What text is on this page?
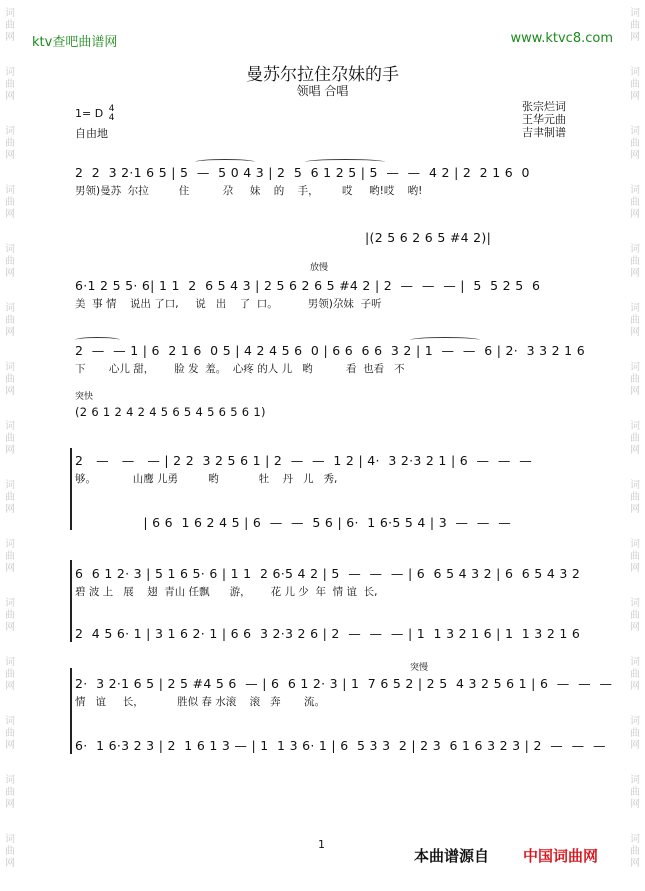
词
曲
网
词
曲
网
词
曲
网
词
曲
网
词
曲
网
词
曲
网
词
曲
网
词
曲
网
词
曲
网
词
曲
网
词
曲
网
词
曲
网
词
曲
网
词
曲
网
词
曲
网
词
曲
网
词
曲
网
词
曲
网
词
曲
网
词
曲
网
词
曲
网
词
曲
网
词
曲
网
词
曲
网
词
曲
网
词
曲
网
词
曲
网
词
曲
网
词
曲
网
词
曲
网
ktv查吧曲谱网	www.ktvc8.com
曼苏尔拉住尕妹的手
领唱 合唱
1= D 4
4
自由地
张宗烂词
王华元曲
吉聿制谱
2  2  3 2·1 6 5 | 5  —  5 0 4 3 | 2  5  6 1 2 5 | 5  —  —  4 2 | 2  2 1 6  0
男领)曼苏  尔拉         住          尕     妹    的    手，       哎     哟!哎    哟!
|(2 5 6 2 6 5 #4 2)|
放慢
6·1 2 5 5· 6| 1 1  2  6 5 4 3 | 2 5 6 2 6 5 #4 2 | 2  —  —  — |  5  5 2 5  6
美  事 情    说出 了口,     说   出    了  口。         男领)尕妹  子听
2  —  — 1 | 6  2 1 6  0 5 | 4 2 4 5 6  0 | 6 6  6 6  3 2 | 1  —  —  6 | 2·  3 3 2 1 6
下       心儿 甜，      脸 发  羞。  心疼 的人 儿   哟          看  也看   不
突快
(2 6 1 2 4 2 4 5 6 5 4 5 6 5 6 1)
2   —   —   — | 2 2  3 2 5 6 1 | 2  —  —  1 2 | 4·  3 2·3 2 1 | 6  —  —  —
够。           山鹰 儿勇         哟            牡    丹   儿   秀,
| 6 6  1 6 2 4 5 | 6  —  —  5 6 | 6·  1 6·5 5 4 | 3  —  —  —
6  6 1 2· 3 | 5 1 6 5· 6 | 1 1  2 6·5 4 2 | 5  —  —  — | 6  6 5 4 3 2 | 6  6 5 4 3 2
碧 波 上   展    翅  青山 任飘      游，      花 儿 少  年  情 谊  长,
2  4 5 6· 1 | 3 1 6 2· 1 | 6 6  3 2·3 2 6 | 2  —  —  — | 1  1 3 2 1 6 | 1  1 3 2 1 6
突慢
2·  3 2·1 6 5 | 2 5 #4 5 6  — | 6  6 1 2· 3 | 1  7 6 5 2 | 2 5  4 3 2 5 6 1 | 6  —  —  —
情   谊     长，          胜似 春 水滚    滚   奔       流。
6·  1 6·3 2 3 | 2  1 6 1 3 — | 1  1 3 6· 1 | 6  5 3 3  2 | 2 3  6 1 6 3 2 3 | 2  —  —  —
1
本曲谱源自 中国词曲网
